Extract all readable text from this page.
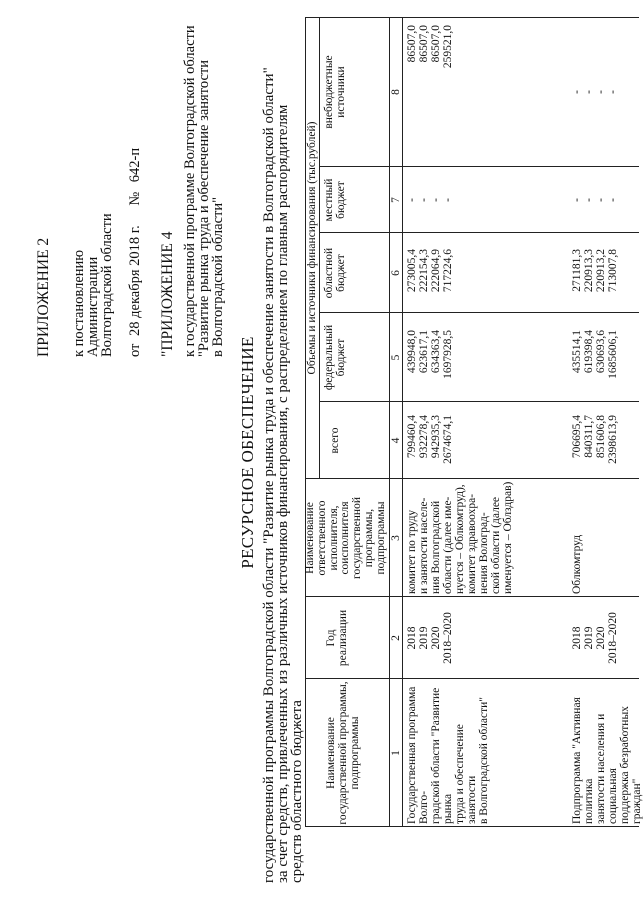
ПРИЛОЖЕНИЕ 2 к постановлению
Администрации
Волгоградской области от 28 декабря 2018 г. № 642-п
"ПРИЛОЖЕНИЕ 4 к государственной программе Волгоградской области
"Развитие рынка труда и обеспечение занятости
в Волгоградской области"
РЕСУРСНОЕ ОБЕСПЕЧЕНИЕ государственной программы Волгоградской области "Развитие рынка труда и обеспечение занятости в Волгоградской области"
за счет средств, привлеченных из различных источников финансирования, с распределением по главным распорядителям
средств областного бюджета Наименование государственной программы, подпрограммы
Год реализации
Наименование ответственного исполнителя, соисполнителя государственной программы, подпрограммы
Объемы и источники финансирования (тыс.рублей)
всего
федеральный бюджет
областной бюджет
местный бюджет
внебюджетные источники
1
2
3
4
5
6
7
8
Государственная программа Волго- градской области "Развитие рынка труда и обеспечение занятости в Волгоградской области"
2018 2019 2020 2018–2020
комитет по труду и занятости населе- ния Волгоградской области (далее име- нуется – Облкомтруд), комитет здравоохра- нения Волоград- ской области (далее именуется – Облздрав)
799460,4 932278,4 942935,3 2674674,1
439948,0 623617,1 634363,4 1697928,5
273005,4 222154,3 222064,9 717224,6
- - - -
86507,0 86507,0 86507,0 259521,0
Подпрограмма "Активная политика занятости населения и социальная поддержка безработных граждан"
2018 2019 2020 2018–2020
Облкомтруд
706695,4 840311,7 851606,8 2398613,9
435514,1 619398,4 630693,6 1685606,1
271181,3 220913,3 220913,2 713007,8
- - - -
- - - -
